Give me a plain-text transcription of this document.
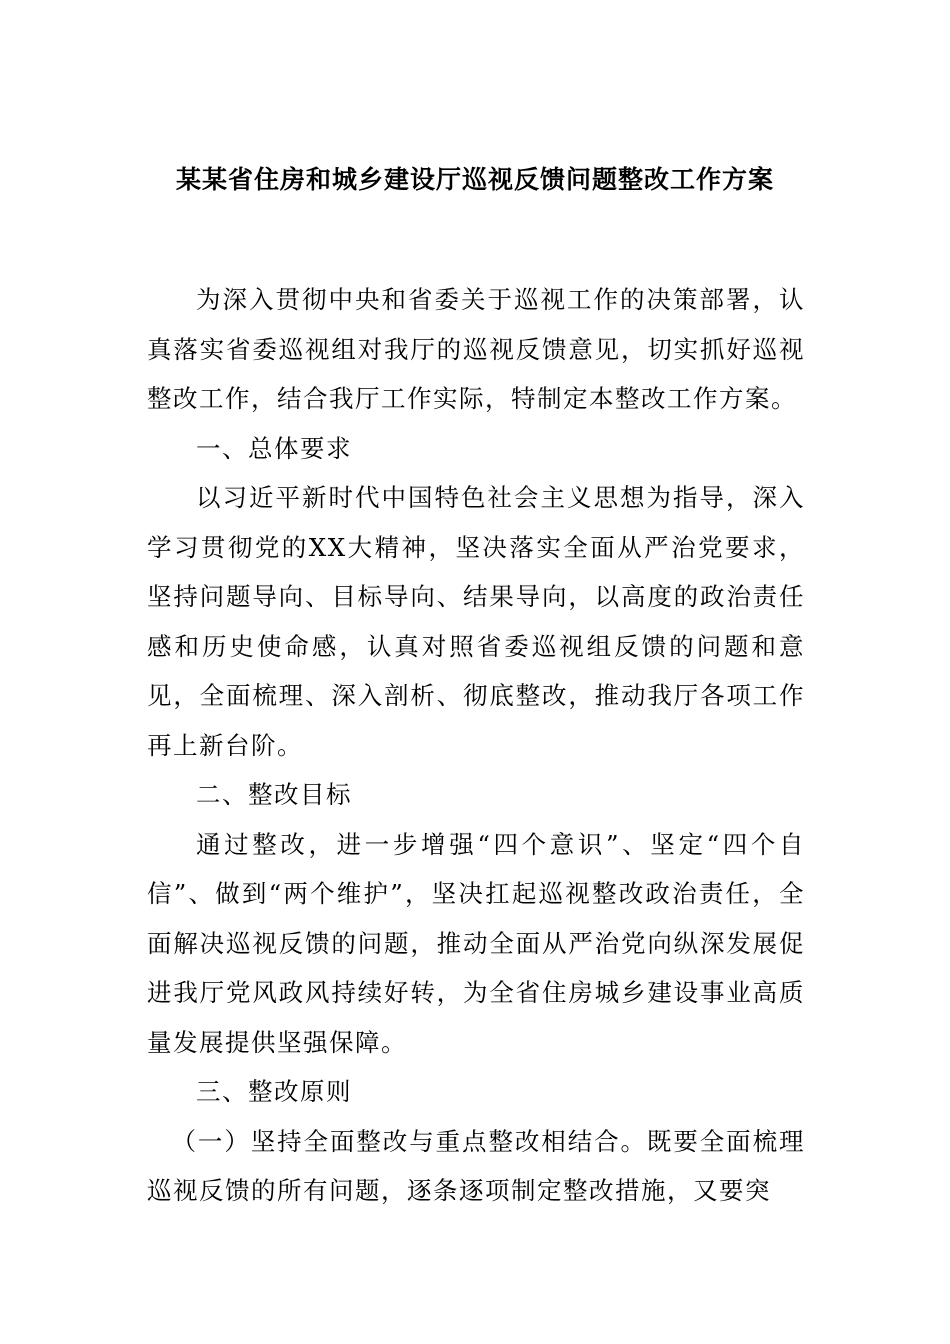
某某省住房和城乡建设厅巡视反馈问题整改工作方案

为深入贯彻中央和省委关于巡视工作的决策部署，认真落实省委巡视组对我厅的巡视反馈意见，切实抓好巡视整改工作，结合我厅工作实际，特制定本整改工作方案。

一、总体要求

以习近平新时代中国特色社会主义思想为指导，深入学习贯彻党的XX大精神，坚决落实全面从严治党要求，坚持问题导向、目标导向、结果导向，以高度的政治责任感和历史使命感，认真对照省委巡视组反馈的问题和意见，全面梳理、深入剖析、彻底整改，推动我厅各项工作再上新台阶。

二、整改目标

通过整改，进一步增强“四个意识”、坚定“四个自信”、做到“两个维护”，坚决扛起巡视整改政治责任，全面解决巡视反馈的问题，推动全面从严治党向纵深发展促进我厅党风政风持续好转，为全省住房城乡建设事业高质量发展提供坚强保障。

三、整改原则

（一）坚持全面整改与重点整改相结合。既要全面梳理巡视反馈的所有问题，逐条逐项制定整改措施，又要突
